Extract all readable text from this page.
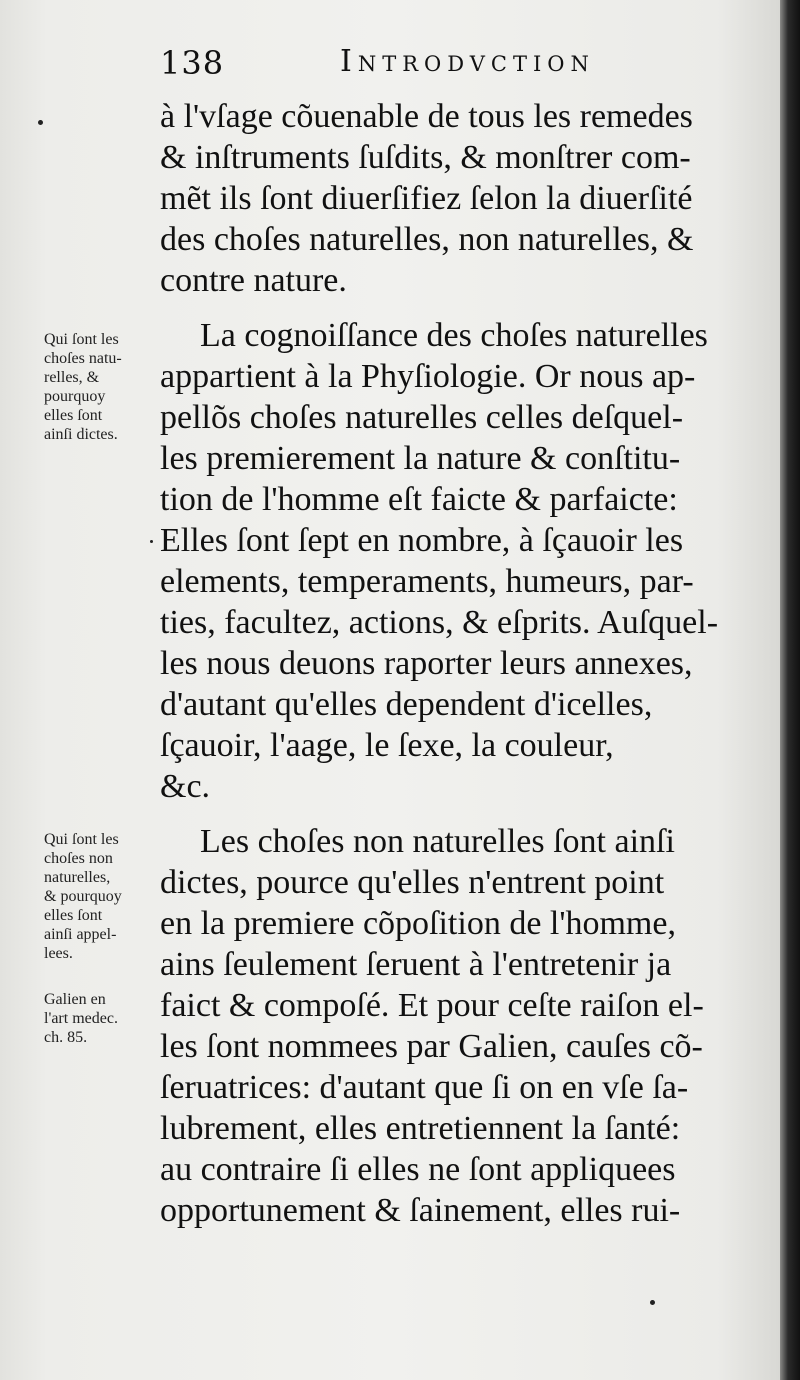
138	Introdvction
à l'vſage cõuenable de tous les remedes
& inſtruments ſuſdits, & monſtrer com-
mẽt ils ſont diuerſifiez ſelon la diuerſité
des choſes naturelles, non naturelles, &
contre nature.
La cognoiſſance des choſes naturelles
appartient à la Phyſiologie. Or nous ap-
pellõs choſes naturelles celles deſquel-
les premierement la nature & conſtitu-
tion de l'homme eſt faicte & parfaicte:
Elles ſont ſept en nombre, à ſçauoir les
elements, temperaments, humeurs, par-
ties, facultez, actions, & eſprits. Auſquel-
les nous deuons raporter leurs annexes,
d'autant qu'elles dependent d'icelles,
ſçauoir, l'aage, le ſexe, la couleur,
&c.
Les choſes non naturelles ſont ainſi
dictes, pource qu'elles n'entrent point
en la premiere cõpoſition de l'homme,
ains ſeulement ſeruent à l'entretenir ja
faict & compoſé. Et pour ceſte raiſon el-
les ſont nommees par Galien, cauſes cõ-
ſeruatrices: d'autant que ſi on en vſe ſa-
lubrement, elles entretiennent la ſanté:
au contraire ſi elles ne ſont appliquees
opportunement & ſainement, elles rui-
Qui ſont les
choſes natu-
relles, &
pourquoy
elles ſont
ainſi dictes.
Qui ſont les
choſes non
naturelles,
& pourquoy
elles ſont
ainſi appel-
lees.
Galien en
l'art medec.
ch. 85.
